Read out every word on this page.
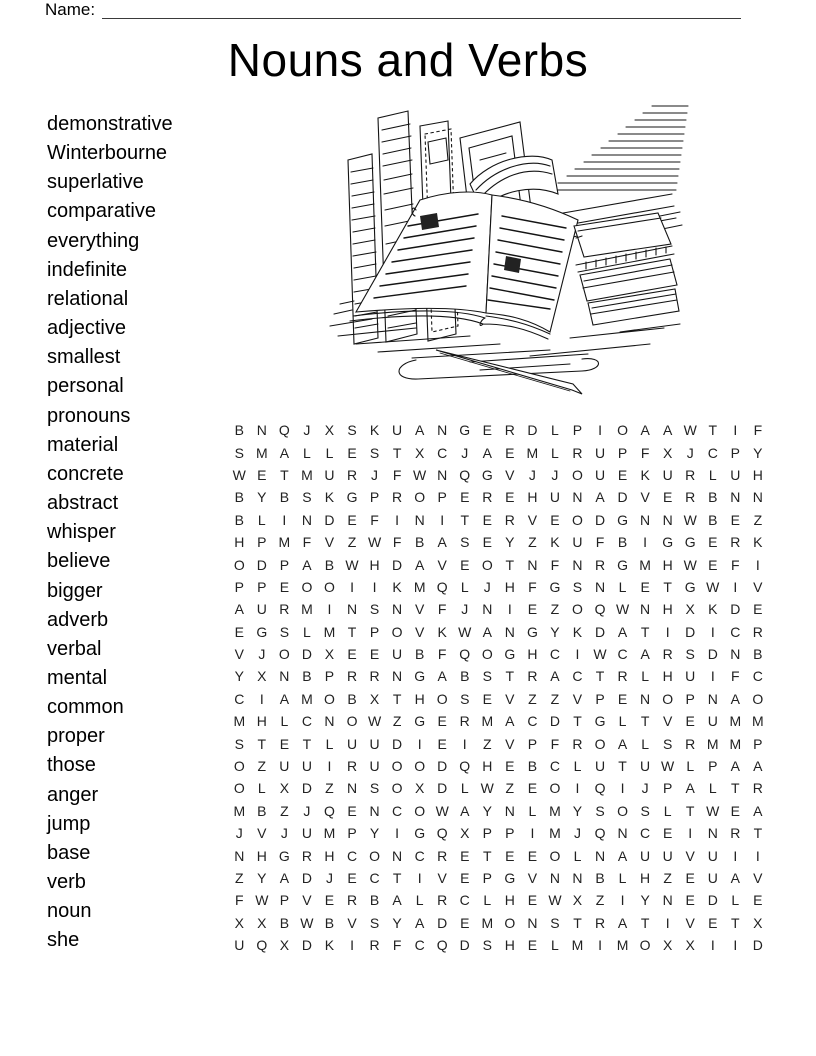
Name:
Nouns and Verbs
demonstrative
Winterbourne
superlative
comparative
everything
indefinite
relational
adjective
smallest
personal
pronouns
material
concrete
abstract
whisper
believe
bigger
adverb
verbal
mental
common
proper
those
anger
jump
base
verb
noun
she
B N Q J	X S K U A N G E R D L P	I	O A A W T	I	F
S M A L	L E S T X C J	A E M L R U P F X	J C P Y
W E T M U R J	F W N Q G V	J	J O U E K U R L U H
B Y B S K G P R O P E R E H U N A D V E R B N N
B L	I	N D E F	I	N	I	T E R V E O D G N N W B E Z
H P M F V Z W F B A S E Y Z K U F B	I	G G E R K
O D P A B W H D A V E O T N F N R G M H W E F	I
P P E O O	I	I	K M Q L	J H F G S N L E T G W	I	V
A U R M	I	N S N V F	J N	I	E Z O Q W N H X K D E
E G S L M T P O V K W A N G Y K D A T	I	D	I	C R
V	J O D X E E U B F Q O G H C	I W C A R S D N B
Y X N B P R R N G A B S T R A C T R L H U	I	F C
C	I	A M O B X T H O S E V Z Z V P E N O P N A O
M H L C N O W Z G E R M A C D T G L	T V E U M M
S T E T	L U U D	I	E	I	Z V P F R O A L S R M M P
O Z U U	I	R U O O D Q H E B C L U T U W L P A A
O L X D Z N S O X D L W Z E O	I	Q	I	J	P A L	T R
M B Z	J Q E N C O W A Y N L M Y S O S L	T W E A
J	V	J U M P Y	I	G Q X P P	I	M J Q N C E	I	N R T
N H G R H C O N C R E T E E O L N A U U V U	I	I
Z Y A D J	E C T	I	V E P G V N N B L H Z E U A V
F W P V E R B A L R C L H E W X Z	I	Y N E D L E
X X B W B V S Y A D E M O N S T R A T	I	V E T X
U Q X D K	I	R F C Q D S H E L M	I	M O X X	I	I	D
